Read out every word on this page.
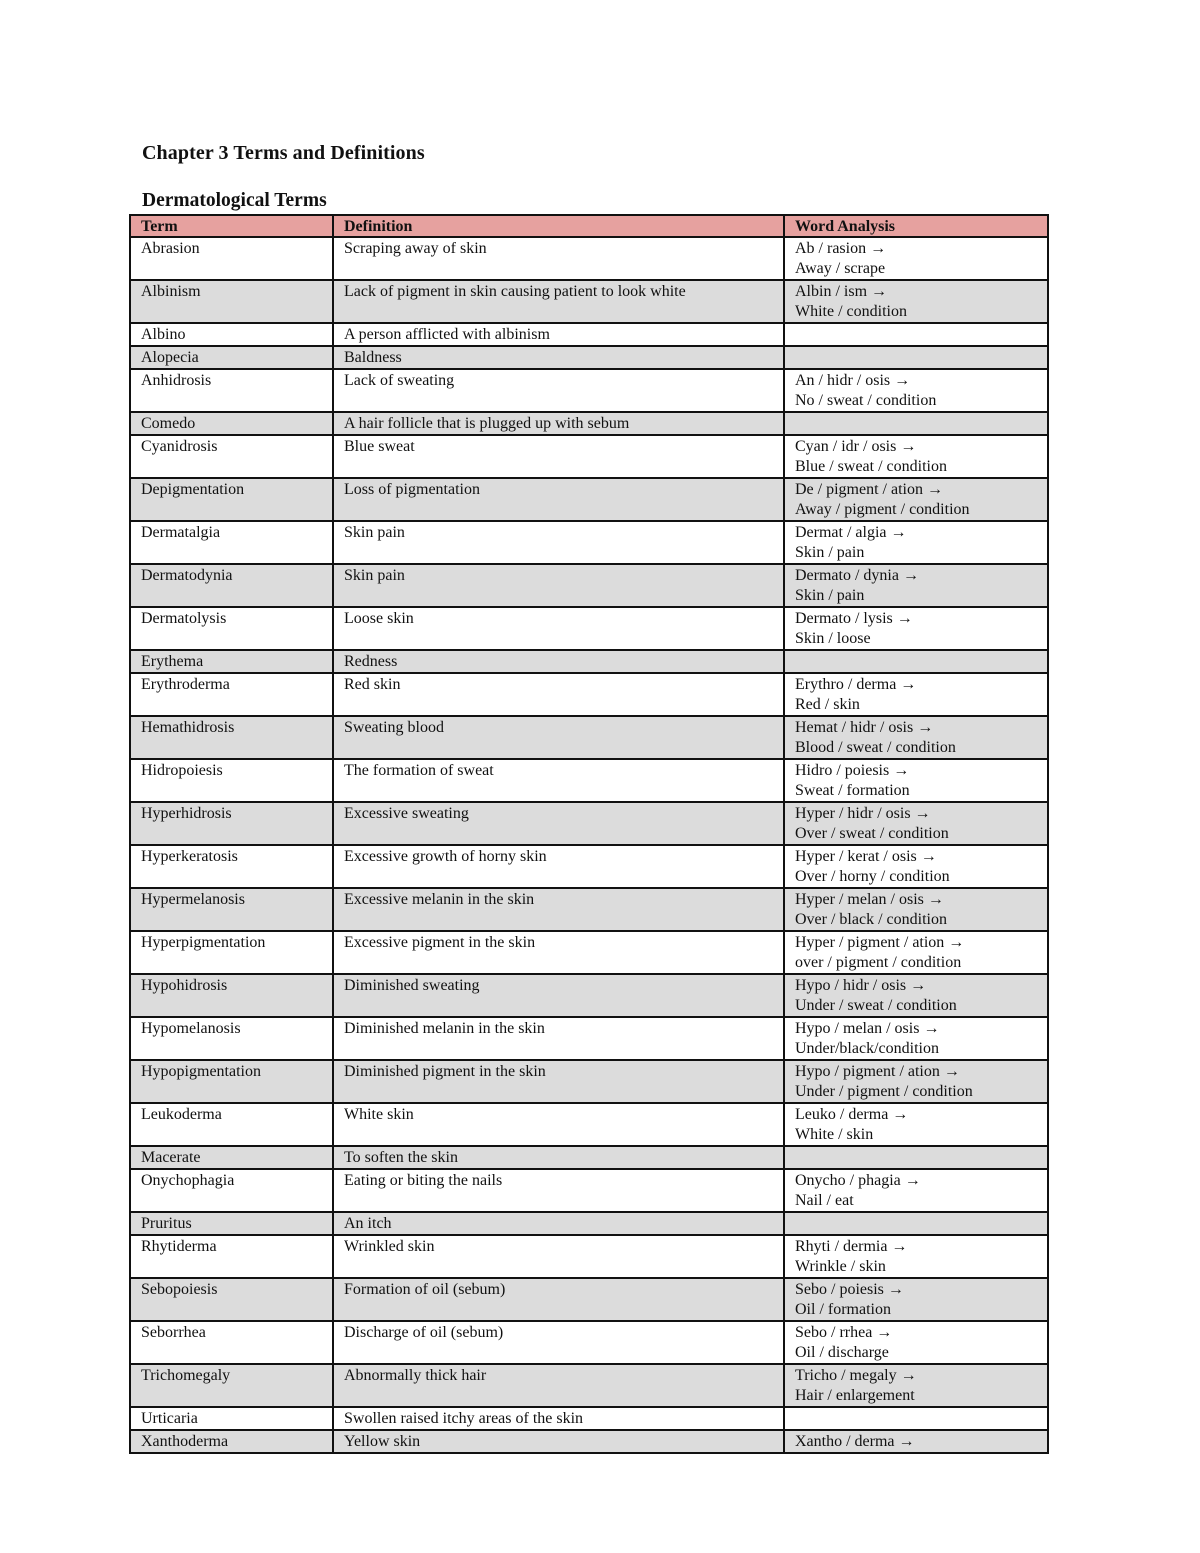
Chapter 3 Terms and Definitions
Dermatological Terms
Term	Definition	Word Analysis
Abrasion	Scraping away of skin	Ab / rasion →
Away / scrape

Albinism	Lack of pigment in skin causing patient to look white	Albin / ism →
White / condition

Albino	A person afflicted with albinism	
Alopecia	Baldness	
Anhidrosis	Lack of sweating	An / hidr / osis →
No / sweat / condition

Comedo	A hair follicle that is plugged up with sebum	
Cyanidrosis	Blue sweat	Cyan / idr / osis →
Blue / sweat / condition

Depigmentation	Loss of pigmentation	De / pigment / ation →
Away / pigment / condition

Dermatalgia	Skin pain	Dermat / algia →
Skin / pain

Dermatodynia	Skin pain	Dermato / dynia →
Skin / pain

Dermatolysis	Loose skin	Dermato / lysis →
Skin / loose

Erythema	Redness	
Erythroderma	Red skin	Erythro / derma →
Red / skin

Hemathidrosis	Sweating blood	Hemat / hidr / osis →
Blood / sweat / condition

Hidropoiesis	The formation of sweat	Hidro / poiesis →
Sweat / formation

Hyperhidrosis	Excessive sweating	Hyper / hidr / osis →
Over / sweat / condition

Hyperkeratosis	Excessive growth of horny skin	Hyper / kerat / osis →
Over / horny / condition

Hypermelanosis	Excessive melanin in the skin	Hyper / melan / osis →
Over / black / condition

Hyperpigmentation	Excessive pigment in the skin	Hyper / pigment / ation →
over / pigment / condition

Hypohidrosis	Diminished sweating	Hypo / hidr / osis →
Under / sweat / condition

Hypomelanosis	Diminished melanin in the skin	Hypo / melan / osis →
Under/black/condition

Hypopigmentation	Diminished pigment in the skin	Hypo / pigment / ation →
Under / pigment / condition

Leukoderma	White skin	Leuko / derma →
White / skin

Macerate	To soften the skin	
Onychophagia	Eating or biting the nails	Onycho / phagia →
Nail / eat

Pruritus	An itch	
Rhytiderma	Wrinkled skin	Rhyti / dermia →
Wrinkle / skin

Sebopoiesis	Formation of oil (sebum)	Sebo / poiesis →
Oil / formation

Seborrhea	Discharge of oil (sebum)	Sebo / rrhea →
Oil / discharge

Trichomegaly	Abnormally thick hair	Tricho / megaly →
Hair / enlargement

Urticaria	Swollen raised itchy areas of the skin	
Xanthoderma	Yellow skin	Xantho / derma →
